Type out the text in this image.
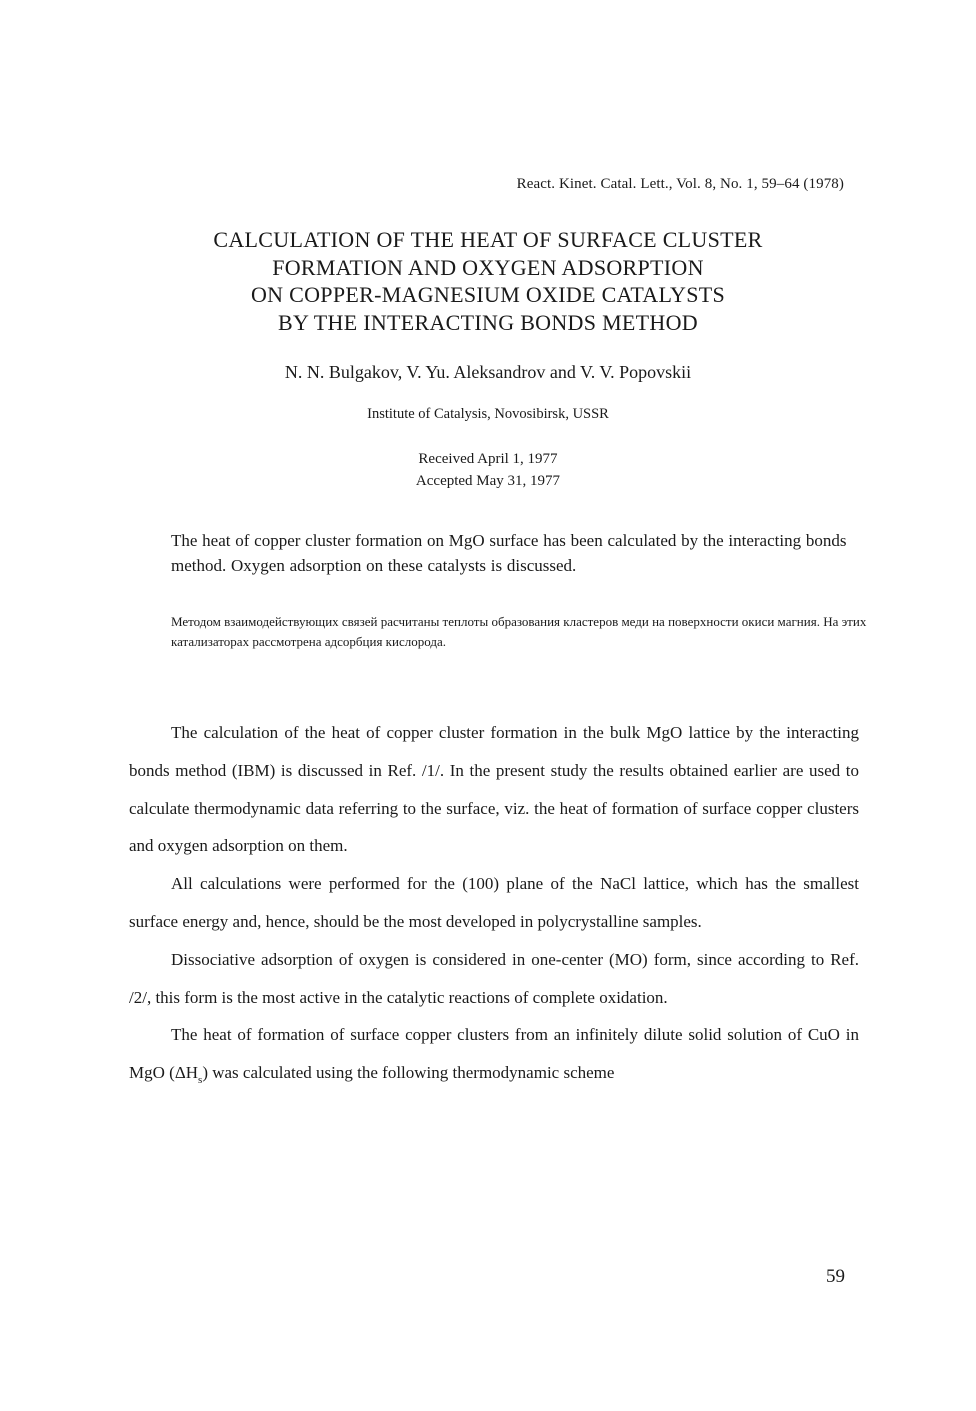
React. Kinet. Catal. Lett., Vol. 8, No. 1, 59–64 (1978)
CALCULATION OF THE HEAT OF SURFACE CLUSTER
FORMATION AND OXYGEN ADSORPTION
ON COPPER-MAGNESIUM OXIDE CATALYSTS
BY THE INTERACTING BONDS METHOD
N. N. Bulgakov, V. Yu. Aleksandrov and V. V. Popovskii
Institute of Catalysis, Novosibirsk, USSR
Received April 1, 1977
Accepted May 31, 1977
The heat of copper cluster formation on MgO surface has been calculated by the interacting bonds method. Oxygen adsorption on these catalysts is discussed.
Методом взаимодействующих связей расчитаны теплоты образования кластеров меди на поверхности окиси магния. На этих катализаторах рассмотрена адсорбция кислорода.

The calculation of the heat of copper cluster formation in the bulk MgO lattice by the interacting bonds method (IBM) is discussed in Ref. /1/. In the present study the results obtained earlier are used to calculate thermodynamic data referring to the surface, viz. the heat of formation of surface copper clusters and oxygen adsorption on them.

All calculations were performed for the (100) plane of the NaCl lattice, which has the smallest surface energy and, hence, should be the most developed in polycrystalline samples.

Dissociative adsorption of oxygen is considered in one-center (MO) form, since according to Ref. /2/, this form is the most active in the catalytic reactions of complete oxidation.

The heat of formation of surface copper clusters from an infinitely dilute solid solution of CuO in MgO $(\Delta H_s)$ was calculated using the following thermodynamic scheme

59
